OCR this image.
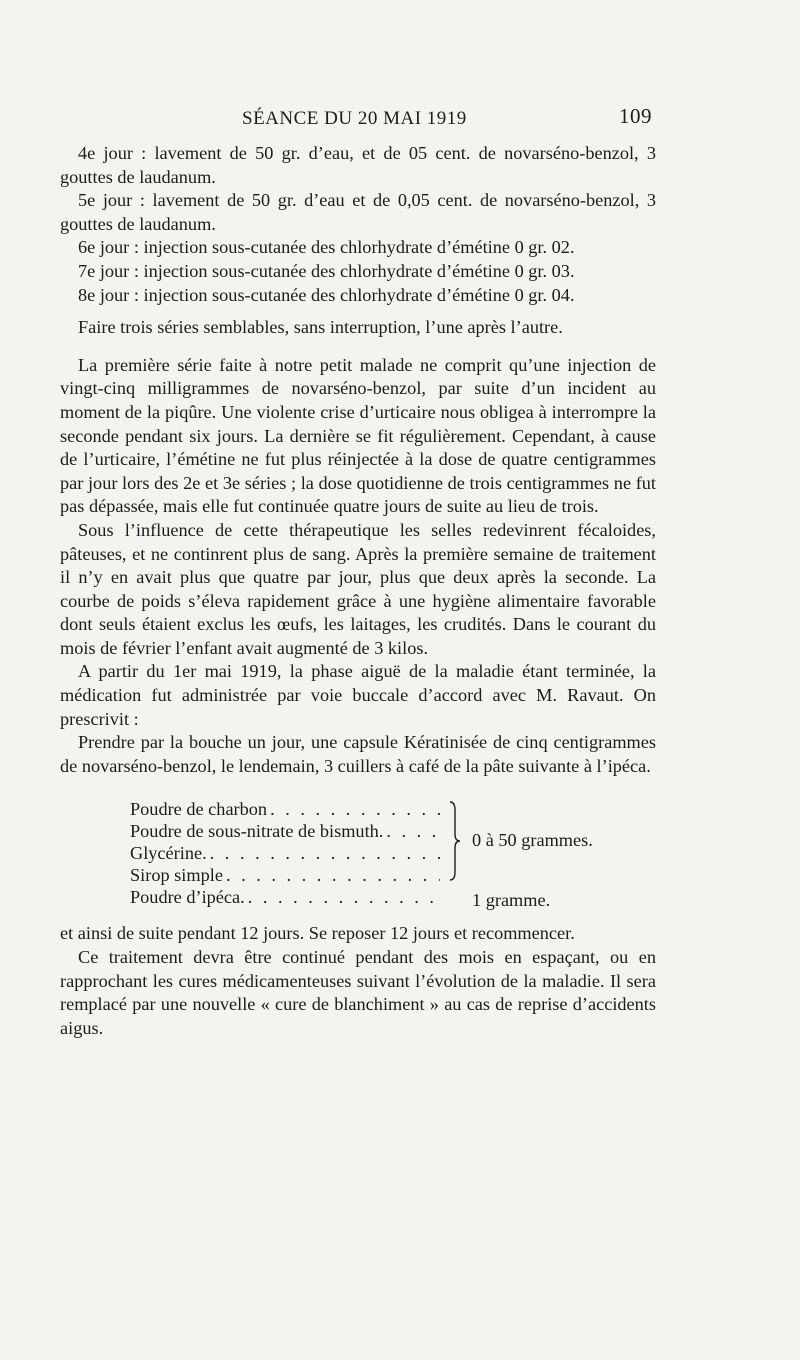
SÉANCE DU 20 MAI 1919	109

4e jour : lavement de 50 gr. d’eau, et de 05 cent. de novarséno-benzol, 3 gouttes de laudanum.

5e jour : lavement de 50 gr. d’eau et de 0,05 cent. de novarséno-benzol, 3 gouttes de laudanum.

6e jour : injection sous-cutanée des chlorhydrate d’émétine 0 gr. 02.

7e jour : injection sous-cutanée des chlorhydrate d’émétine 0 gr. 03.

8e jour : injection sous-cutanée des chlorhydrate d’émétine 0 gr. 04.

Faire trois séries semblables, sans interruption, l’une après l’autre.

La première série faite à notre petit malade ne comprit qu’une injection de vingt-cinq milligrammes de novarséno-benzol, par suite d’un incident au moment de la piqûre. Une violente crise d’urticaire nous obligea à interrompre la seconde pendant six jours. La dernière se fit régulièrement. Cependant, à cause de l’urticaire, l’émétine ne fut plus réinjectée à la dose de quatre centigrammes par jour lors des 2e et 3e séries ; la dose quotidienne de trois centigrammes ne fut pas dépassée, mais elle fut continuée quatre jours de suite au lieu de trois.

Sous l’influence de cette thérapeutique les selles redevinrent fécaloides, pâteuses, et ne continrent plus de sang. Après la première semaine de traitement il n’y en avait plus que quatre par jour, plus que deux après la seconde. La courbe de poids s’éleva rapidement grâce à une hygiène alimentaire favorable dont seuls étaient exclus les œufs, les laitages, les crudités. Dans le courant du mois de février l’enfant avait augmenté de 3 kilos.

A partir du 1er mai 1919, la phase aiguë de la maladie étant terminée, la médication fut administrée par voie buccale d’accord avec M. Ravaut. On prescrivit :

Prendre par la bouche un jour, une capsule Kératinisée de cinq centigrammes de novarséno-benzol, le lendemain, 3 cuillers à café de la pâte suivante à l’ipéca.

Poudre de charbon
. . .
Poudre de sous-nitrate de bismuth.
. . .
Glycérine.
. . .
Sirop simple
. . .
0 à 50 grammes.
Poudre d’ipéca.
. . .	1 gramme.

et ainsi de suite pendant 12 jours. Se reposer 12 jours et recommencer.

Ce traitement devra être continué pendant des mois en espaçant, ou en rapprochant les cures médicamenteuses suivant l’évolution de la maladie. Il sera remplacé par une nouvelle « cure de blanchiment » au cas de reprise d’accidents aigus.
